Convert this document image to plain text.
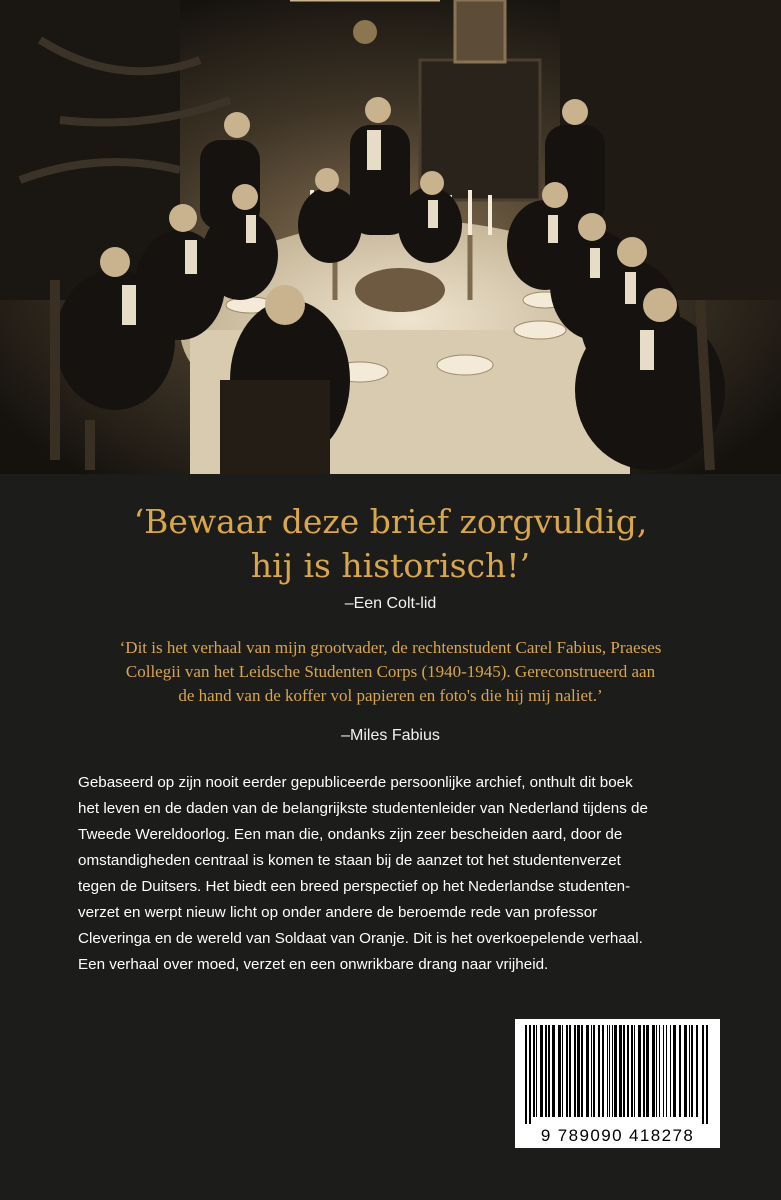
‘Bewaar deze brief zorgvuldig,
hij is historisch!’
–Een Colt-lid
‘Dit is het verhaal van mijn grootvader, de rechtenstudent Carel Fabius, Praeses
Collegii van het Leidsche Studenten Corps (1940-1945). Gereconstrueerd aan
de hand van de koffer vol papieren en foto's die hij mij naliet.’
–Miles Fabius
Gebaseerd op zijn nooit eerder gepubliceerde persoonlijke archief, onthult dit boek
het leven en de daden van de belangrijkste studentenleider van Nederland tijdens de
Tweede Wereldoorlog. Een man die, ondanks zijn zeer bescheiden aard, door de
omstandigheden centraal is komen te staan bij de aanzet tot het studentenverzet
tegen de Duitsers. Het biedt een breed perspectief op het Nederlandse studenten-
verzet en werpt nieuw licht op onder andere de beroemde rede van professor
Cleveringa en de wereld van Soldaat van Oranje. Dit is het overkoepelende verhaal.
Een verhaal over moed, verzet en een onwrikbare drang naar vrijheid.
9 789090 418278
